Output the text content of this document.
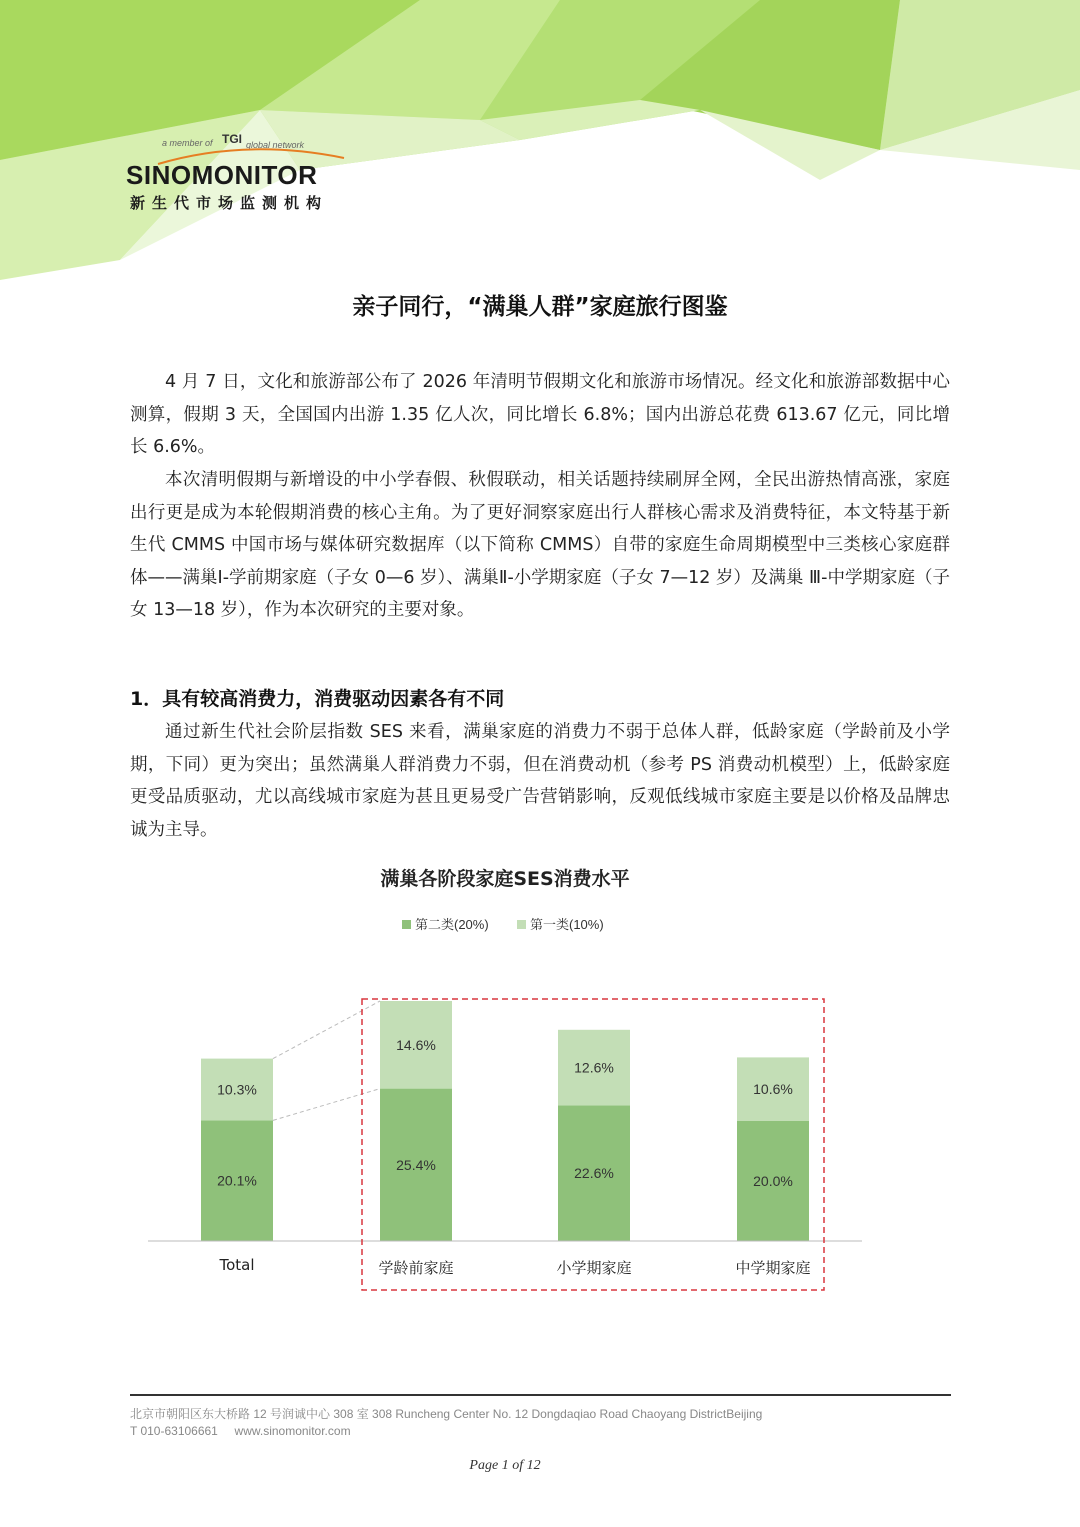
a member of TGI global network
SINOMONITOR
新生代市场监测机构
亲子同行，“满巢人群”家庭旅行图鉴

4 月 7 日，文化和旅游部公布了 2026 年清明节假期文化和旅游市场情况。经文化和旅游部数据中心测算，假期 3 天，全国国内出游 1.35 亿人次，同比增长 6.8%；国内出游总花费 613.67 亿元，同比增长 6.6%。

本次清明假期与新增设的中小学春假、秋假联动，相关话题持续刷屏全网，全民出游热情高涨，家庭出行更是成为本轮假期消费的核心主角。为了更好洞察家庭出行人群核心需求及消费特征，本文特基于新生代 CMMS 中国市场与媒体研究数据库（以下简称 CMMS）自带的家庭生命周期模型中三类核心家庭群体——满巢Ⅰ-学前期家庭（子女 0—6 岁）、满巢Ⅱ-小学期家庭（子女 7—12 岁）及满巢 Ⅲ-中学期家庭（子女 13—18 岁），作为本次研究的主要对象。

1．具有较高消费力，消费驱动因素各有不同

通过新生代社会阶层指数 SES 来看，满巢家庭的消费力不弱于总体人群，低龄家庭（学龄前及小学期，下同）更为突出；虽然满巢人群消费力不弱，但在消费动机（参考 PS 消费动机模型）上，低龄家庭更受品质驱动，尤以高线城市家庭为甚且更易受广告营销影响，反观低线城市家庭主要是以价格及品牌忠诚为主导。

满巢各阶段家庭SES消费水平
第二类(20%)	第一类(10%)
20.1%
10.3%
Total
25.4%
14.6%
学龄前家庭
22.6%
12.6%
小学期家庭
20.0%
10.6%
中学期家庭
北京市朝阳区东大桥路 12 号润诚中心 308 室 308 Runcheng Center No. 12 Dongdaqiao Road Chaoyang DistrictBeijing
T 010-63106661     www.sinomonitor.com
Page 1 of 12
